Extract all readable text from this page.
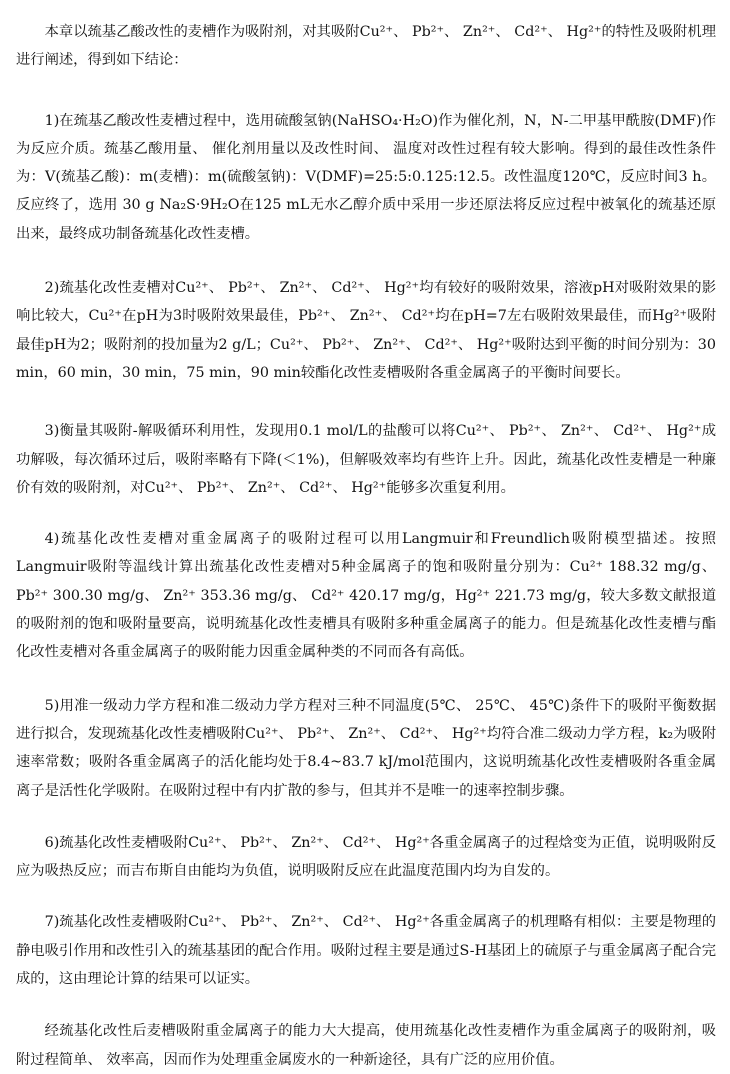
本章以巯基乙酸改性的麦槽作为吸附剂，对其吸附Cu²⁺、 Pb²⁺、 Zn²⁺、 Cd²⁺、 Hg²⁺的特性及吸附机理进行阐述，得到如下结论：

1)在巯基乙酸改性麦槽过程中，选用硫酸氢钠(NaHSO₄·H₂O)作为催化剂，N，N-二甲基甲酰胺(DMF)作为反应介质。巯基乙酸用量、 催化剂用量以及改性时间、 温度对改性过程有较大影响。得到的最佳改性条件为：V(巯基乙酸)：m(麦槽)：m(硫酸氢钠)：V(DMF)=25:5:0.125:12.5。改性温度120℃，反应时间3 h。反应终了，选用 30 g Na₂S·9H₂O在125 mL无水乙醇介质中采用一步还原法将反应过程中被氧化的巯基还原出来，最终成功制备巯基化改性麦槽。

2)巯基化改性麦槽对Cu²⁺、 Pb²⁺、 Zn²⁺、 Cd²⁺、 Hg²⁺均有较好的吸附效果，溶液pH对吸附效果的影响比较大，Cu²⁺在pH为3时吸附效果最佳，Pb²⁺、 Zn²⁺、 Cd²⁺均在pH=7左右吸附效果最佳，而Hg²⁺吸附最佳pH为2；吸附剂的投加量为2 g/L；Cu²⁺、 Pb²⁺、 Zn²⁺、 Cd²⁺、 Hg²⁺吸附达到平衡的时间分别为：30 min，60 min，30 min，75 min，90 min较酯化改性麦槽吸附各重金属离子的平衡时间要长。

3)衡量其吸附-解吸循环利用性，发现用0.1 mol/L的盐酸可以将Cu²⁺、 Pb²⁺、 Zn²⁺、 Cd²⁺、 Hg²⁺成功解吸，每次循环过后，吸附率略有下降(＜1%)，但解吸效率均有些许上升。因此，巯基化改性麦槽是一种廉价有效的吸附剂，对Cu²⁺、 Pb²⁺、 Zn²⁺、 Cd²⁺、 Hg²⁺能够多次重复利用。

4)巯基化改性麦槽对重金属离子的吸附过程可以用Langmuir和Freundlich吸附模型描述。按照Langmuir吸附等温线计算出巯基化改性麦槽对5种金属离子的饱和吸附量分别为：Cu²⁺ 188.32 mg/g、 Pb²⁺ 300.30 mg/g、 Zn²⁺ 353.36 mg/g、 Cd²⁺ 420.17 mg/g，Hg²⁺ 221.73 mg/g，较大多数文献报道的吸附剂的饱和吸附量要高，说明巯基化改性麦槽具有吸附多种重金属离子的能力。但是巯基化改性麦槽与酯化改性麦槽对各重金属离子的吸附能力因重金属种类的不同而各有高低。

5)用准一级动力学方程和准二级动力学方程对三种不同温度(5℃、 25℃、 45℃)条件下的吸附平衡数据进行拟合，发现巯基化改性麦槽吸附Cu²⁺、 Pb²⁺、 Zn²⁺、 Cd²⁺、 Hg²⁺均符合准二级动力学方程，k₂为吸附速率常数；吸附各重金属离子的活化能均处于8.4~83.7 kJ/mol范围内，这说明巯基化改性麦槽吸附各重金属离子是活性化学吸附。在吸附过程中有内扩散的参与，但其并不是唯一的速率控制步骤。

6)巯基化改性麦槽吸附Cu²⁺、 Pb²⁺、 Zn²⁺、 Cd²⁺、 Hg²⁺各重金属离子的过程焓变为正值，说明吸附反应为吸热反应；而吉布斯自由能均为负值，说明吸附反应在此温度范围内均为自发的。

7)巯基化改性麦槽吸附Cu²⁺、 Pb²⁺、 Zn²⁺、 Cd²⁺、 Hg²⁺各重金属离子的机理略有相似：主要是物理的静电吸引作用和改性引入的巯基基团的配合作用。吸附过程主要是通过S-H基团上的硫原子与重金属离子配合完成的，这由理论计算的结果可以证实。

经巯基化改性后麦槽吸附重金属离子的能力大大提高，使用巯基化改性麦槽作为重金属离子的吸附剂，吸附过程简单、 效率高，因而作为处理重金属废水的一种新途径，具有广泛的应用价值。
